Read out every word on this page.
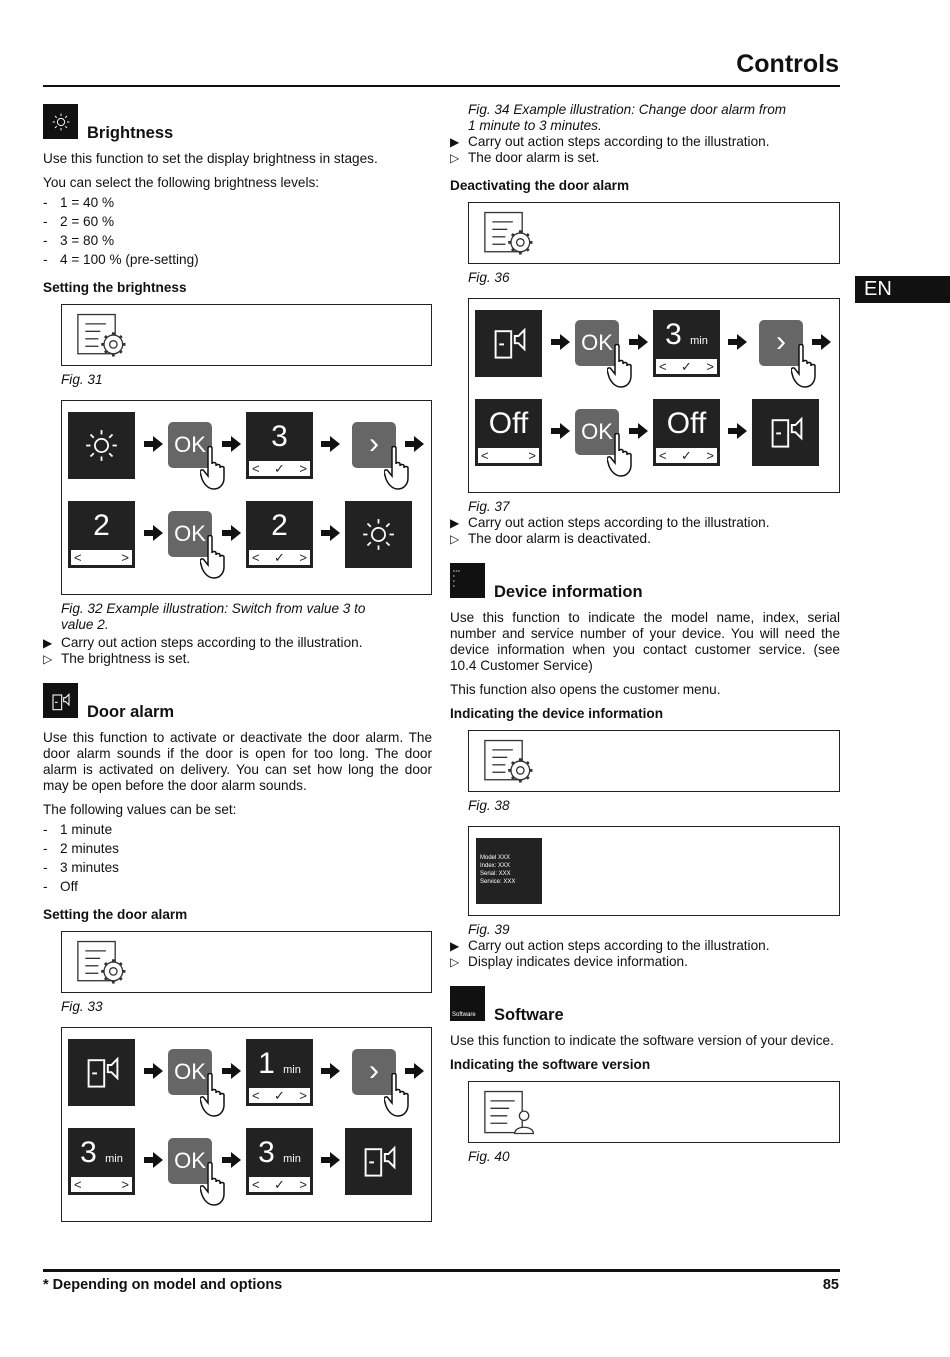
Controls
EN
Brightness

Use this function to set the display brightness in stages.

You can select the following brightness levels:

- 1 = 40 %
- 2 = 60 %
- 3 = 80 %
- 4 = 100 % (pre-setting)
Setting the brightness
Fig. 31
OK	3
<	✓	>
›
2
<	>
OK	2
<	✓	>
Fig. 32 Example illustration: Switch from value 3 to
value 2.
▶ Carry out action steps according to the illustration.
▷ The brightness is set.
Door alarm

Use this function to activate or deactivate the door alarm. The door alarm sounds if the door is open for too long. The door alarm is activated on delivery. You can set how long the door may be open before the door alarm sounds.

The following values can be set:

- 1 minute
- 2 minutes
- 3 minutes
- Off
Setting the door alarm
Fig. 33
OK	1 min
<	✓	>
›
3 min
<	>
OK	3 min
<	✓	>
Fig. 34 Example illustration: Change door alarm from
1 minute to 3 minutes.
▶ Carry out action steps according to the illustration.
▷ The door alarm is set.
Deactivating the door alarm
Fig. 36
OK	3 min
<	✓	>
›
Off
<	>
OK	Off
<	✓	>
Fig. 37
▶ Carry out action steps according to the illustration.
▷ The door alarm is deactivated.
≡ ≡ ≡
≡
≡
≡	Device information

Use this function to indicate the model name, index, serial number and service number of your device. You will need the device information when you contact customer service. (see 10.4 Customer Service)

This function also opens the customer menu.

Indicating the device information
Fig. 38
Model XXX
Index: XXX
Serial: XXX
Service: XXX
Fig. 39
▶ Carry out action steps according to the illustration.
▷ Display indicates device information.
Software Software

Use this function to indicate the software version of your device.

Indicating the software version
Fig. 40
* Depending on model and options	85
